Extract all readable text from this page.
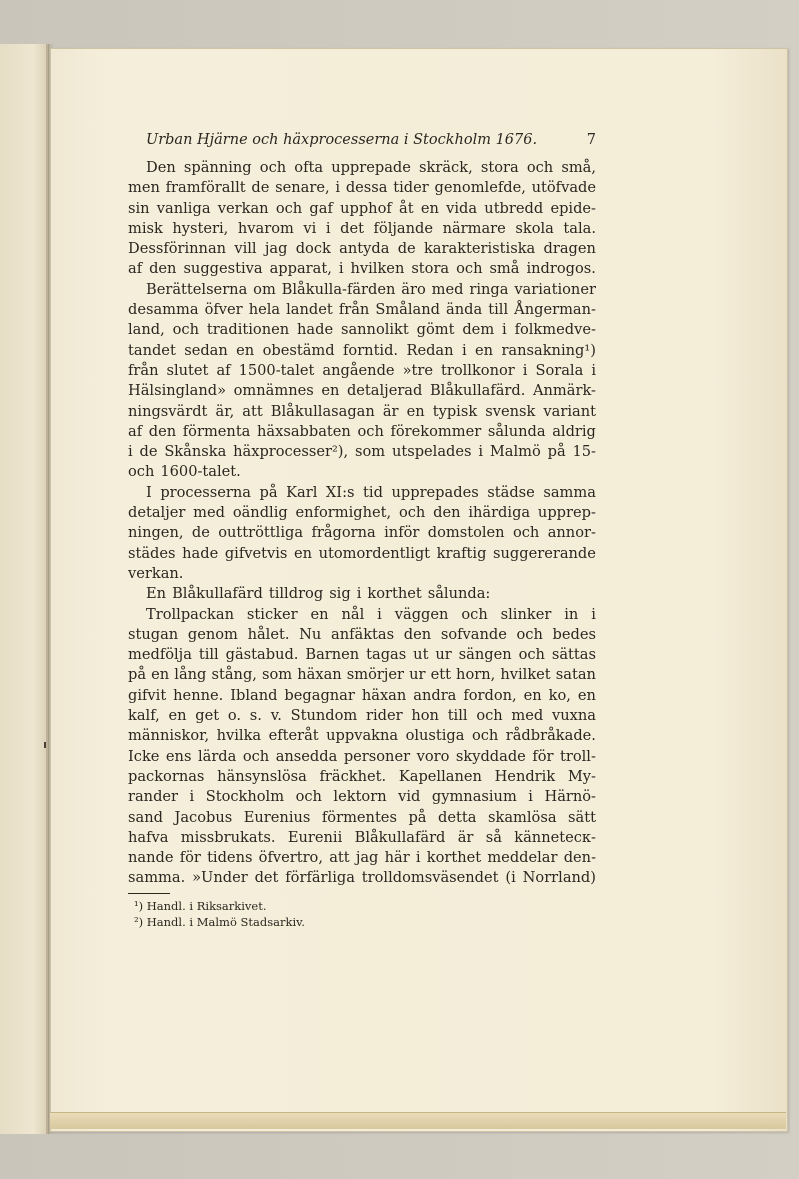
Urban Hjärne och häxprocesserna i Stockholm 1676.	7
Den spänning och ofta upprepade skräck, stora och små,
men framförallt de senare, i dessa tider genomlefde, utöfvade
sin vanliga verkan och gaf upphof åt en vida utbredd epide-
misk hysteri, hvarom vi i det följande närmare skola tala.
Dessförinnan vill jag dock antyda de karakteristiska dragen
af den suggestiva apparat, i hvilken stora och små indrogos.
Berättelserna om Blåkulla-färden äro med ringa variationer
desamma öfver hela landet från Småland ända till Ångerman-
land, och traditionen hade sannolikt gömt dem i folkmedve-
tandet sedan en obestämd forntid. Redan i en ransakning¹)
från slutet af 1500-talet angående »tre trollkonor i Sorala i
Hälsingland» omnämnes en detaljerad Blåkullafärd. Anmärk-
ningsvärdt är, att Blåkullasagan är en typisk svensk variant
af den förmenta häxsabbaten och förekommer sålunda aldrig
i de Skånska häxprocesser²), som utspelades i Malmö på 15-
och 1600-talet.
I processerna på Karl XI:s tid upprepades städse samma
detaljer med oändlig enformighet, och den ihärdiga upprep-
ningen, de outtröttliga frågorna inför domstolen och annor-
städes hade gifvetvis en utomordentligt kraftig suggererande
verkan.
En Blåkullafärd tilldrog sig i korthet sålunda:
Trollpackan sticker en nål i väggen och slinker in i
stugan genom hålet. Nu anfäktas den sofvande och bedes
medfölja till gästabud. Barnen tagas ut ur sängen och sättas
på en lång stång, som häxan smörjer ur ett horn, hvilket satan
gifvit henne. Ibland begagnar häxan andra fordon, en ko, en
kalf, en get o. s. v. Stundom rider hon till och med vuxna
människor, hvilka efteråt uppvakna olustiga och rådbråkade.
Icke ens lärda och ansedda personer voro skyddade för troll-
packornas hänsynslösa fräckhet. Kapellanen Hendrik My-
rander i Stockholm och lektorn vid gymnasium i Härnö-
sand Jacobus Eurenius förmentes på detta skamlösa sätt
hafva missbrukats. Eurenii Blåkullafärd är så kännetecк-
nande för tidens öfvertro, att jag här i korthet meddelar den-
samma. »Under det förfärliga trolldomsväsendet (i Norrland)
¹) Handl. i Riksarkivet.
²) Handl. i Malmö Stadsarkiv.
